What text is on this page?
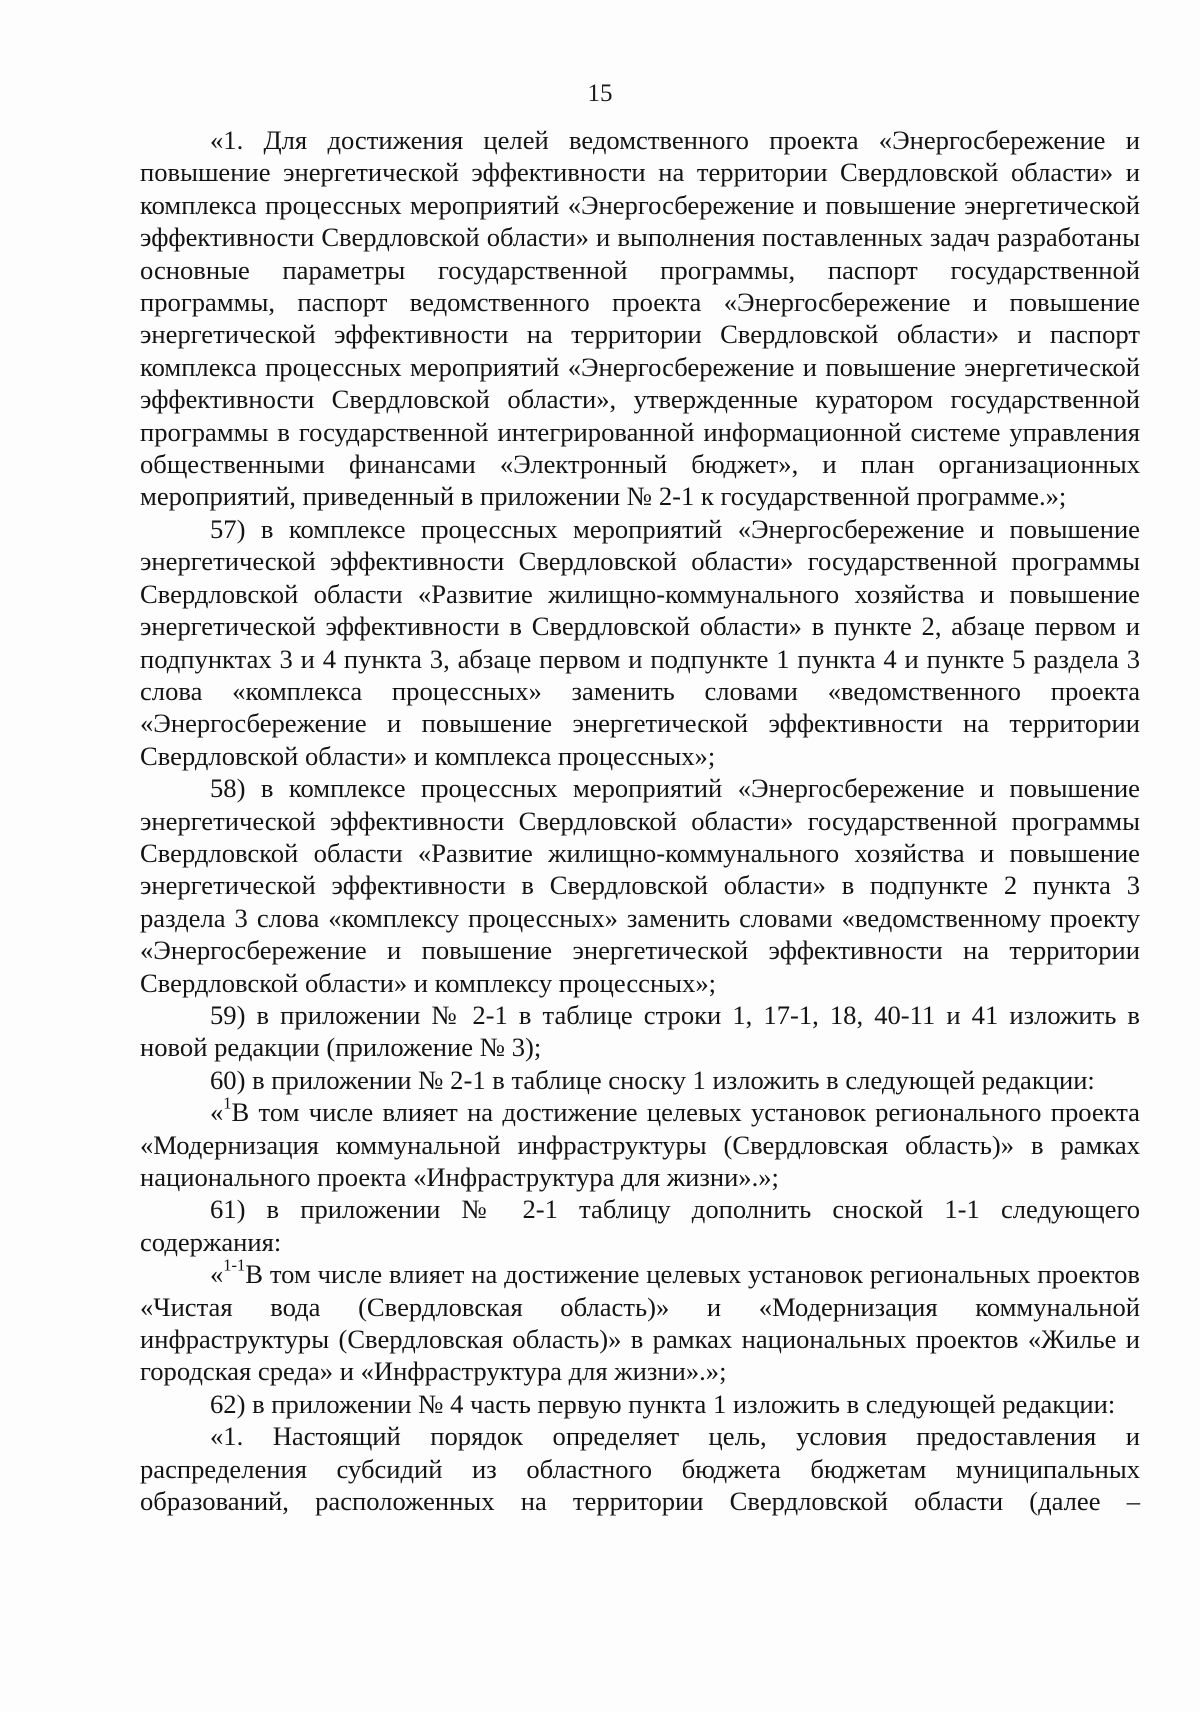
15

«1. Для достижения целей ведомственного проекта «Энергосбережение и повышение энергетической эффективности на территории Свердловской области» и комплекса процессных мероприятий «Энергосбережение и повышение энергетической эффективности Свердловской области» и выполнения поставленных задач разработаны основные параметры государственной программы, паспорт государственной программы, паспорт ведомственного проекта «Энергосбережение и повышение энергетической эффективности на территории Свердловской области» и паспорт комплекса процессных мероприятий «Энергосбережение и повышение энергетической эффективности Свердловской области», утвержденные куратором государственной программы в государственной интегрированной информационной системе управления общественными финансами «Электронный бюджет», и план организационных мероприятий, приведенный в приложении № 2-1 к государственной программе.»;

57) в комплексе процессных мероприятий «Энергосбережение и повышение энергетической эффективности Свердловской области» государственной программы Свердловской области «Развитие жилищно-коммунального хозяйства и повышение энергетической эффективности в Свердловской области» в пункте 2, абзаце первом и подпунктах 3 и 4 пункта 3, абзаце первом и подпункте 1 пункта 4 и пункте 5 раздела 3 слова «комплекса процессных» заменить словами «ведомственного проекта «Энергосбережение и повышение энергетической эффективности на территории Свердловской области» и комплекса процессных»;

58) в комплексе процессных мероприятий «Энергосбережение и повышение энергетической эффективности Свердловской области» государственной программы Свердловской области «Развитие жилищно-коммунального хозяйства и повышение энергетической эффективности в Свердловской области» в подпункте 2 пункта 3 раздела 3 слова «комплексу процессных» заменить словами «ведомственному проекту «Энергосбережение и повышение энергетической эффективности на территории Свердловской области» и комплексу процессных»;

59) в приложении № 2-1 в таблице строки 1, 17-1, 18, 40-11 и 41 изложить в новой редакции (приложение № 3);

60) в приложении № 2-1 в таблице сноску 1 изложить в следующей редакции:

«$^1$В том числе влияет на достижение целевых установок регионального проекта «Модернизация коммунальной инфраструктуры (Свердловская область)» в рамках национального проекта «Инфраструктура для жизни».»;

61) в приложении № 2-1 таблицу дополнить сноской 1-1 следующего содержания:

«$^{1-1}$В том числе влияет на достижение целевых установок региональных проектов «Чистая вода (Свердловская область)» и «Модернизация коммунальной инфраструктуры (Свердловская область)» в рамках национальных проектов «Жилье и городская среда» и «Инфраструктура для жизни».»;

62) в приложении № 4 часть первую пункта 1 изложить в следующей редакции:

«1. Настоящий порядок определяет цель, условия предоставления и распределения субсидий из областного бюджета бюджетам муниципальных образований, расположенных на территории Свердловской области (далее –
